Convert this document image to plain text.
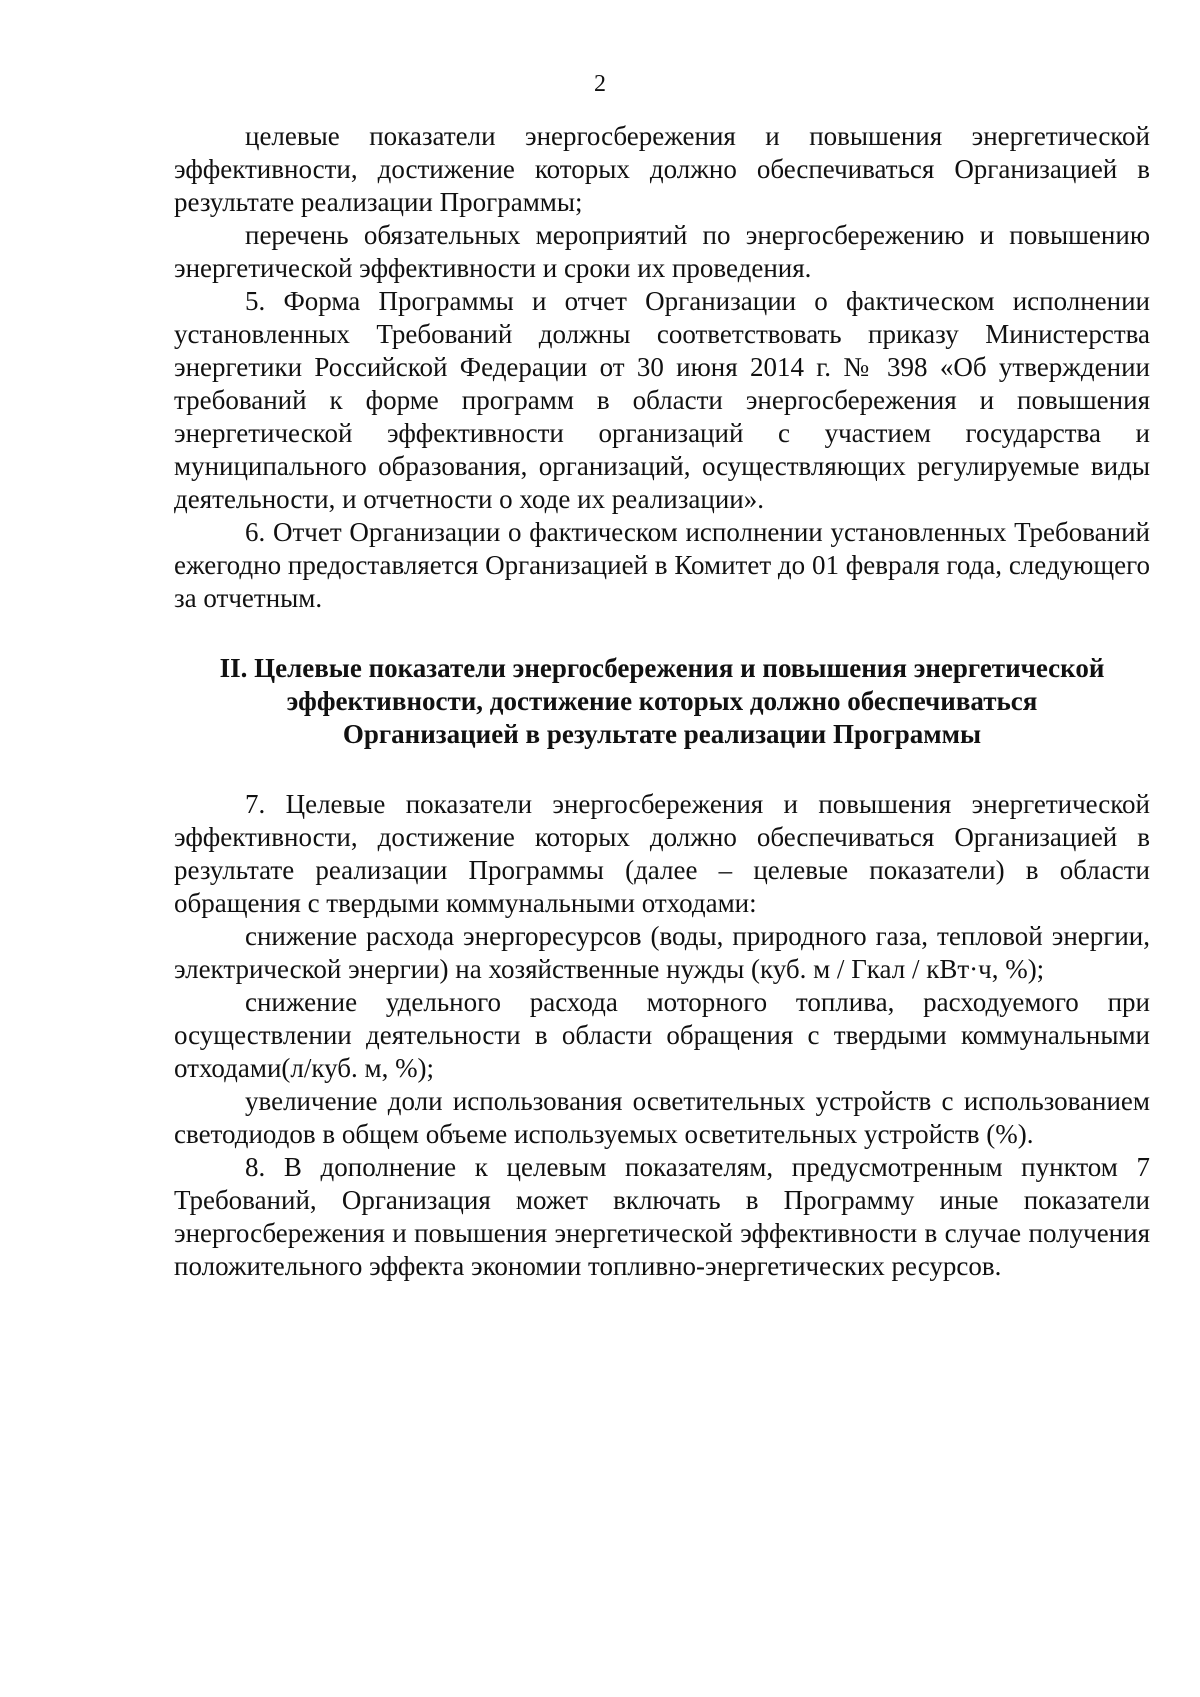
2

целевые показатели энергосбережения и повышения энергетической эффективности, достижение которых должно обеспечиваться Организацией в результате реализации Программы;

перечень обязательных мероприятий по энергосбережению и повышению энергетической эффективности и сроки их проведения.

5. Форма Программы и отчет Организации о фактическом исполнении установленных Требований должны соответствовать приказу Министерства энергетики Российской Федерации от 30 июня 2014 г. № 398 «Об утверждении требований к форме программ в области энергосбережения и повышения энергетической эффективности организаций с участием государства и муниципального образования, организаций, осуществляющих регулируемые виды деятельности, и отчетности о ходе их реализации».

6. Отчет Организации о фактическом исполнении установленных Требований ежегодно предоставляется Организацией в Комитет до 01 февраля года, следующего за отчетным.

II. Целевые показатели энергосбережения и повышения энергетической
эффективности, достижение которых должно обеспечиваться
Организацией в результате реализации Программы

7. Целевые показатели энергосбережения и повышения энергетической эффективности, достижение которых должно обеспечиваться Организацией в результате реализации Программы (далее – целевые показатели) в области обращения с твердыми коммунальными отходами:

снижение расхода энергоресурсов (воды, природного газа, тепловой энергии, электрической энергии) на хозяйственные нужды (куб. м / Гкал / кВт·ч, %);

снижение удельного расхода моторного топлива, расходуемого при осуществлении деятельности в области обращения с твердыми коммунальными отходами(л/куб. м, %);

увеличение доли использования осветительных устройств с использованием светодиодов в общем объеме используемых осветительных устройств (%).

8. В дополнение к целевым показателям, предусмотренным пунктом 7 Требований, Организация может включать в Программу иные показатели энергосбережения и повышения энергетической эффективности в случае получения положительного эффекта экономии топливно-энергетических ресурсов.
